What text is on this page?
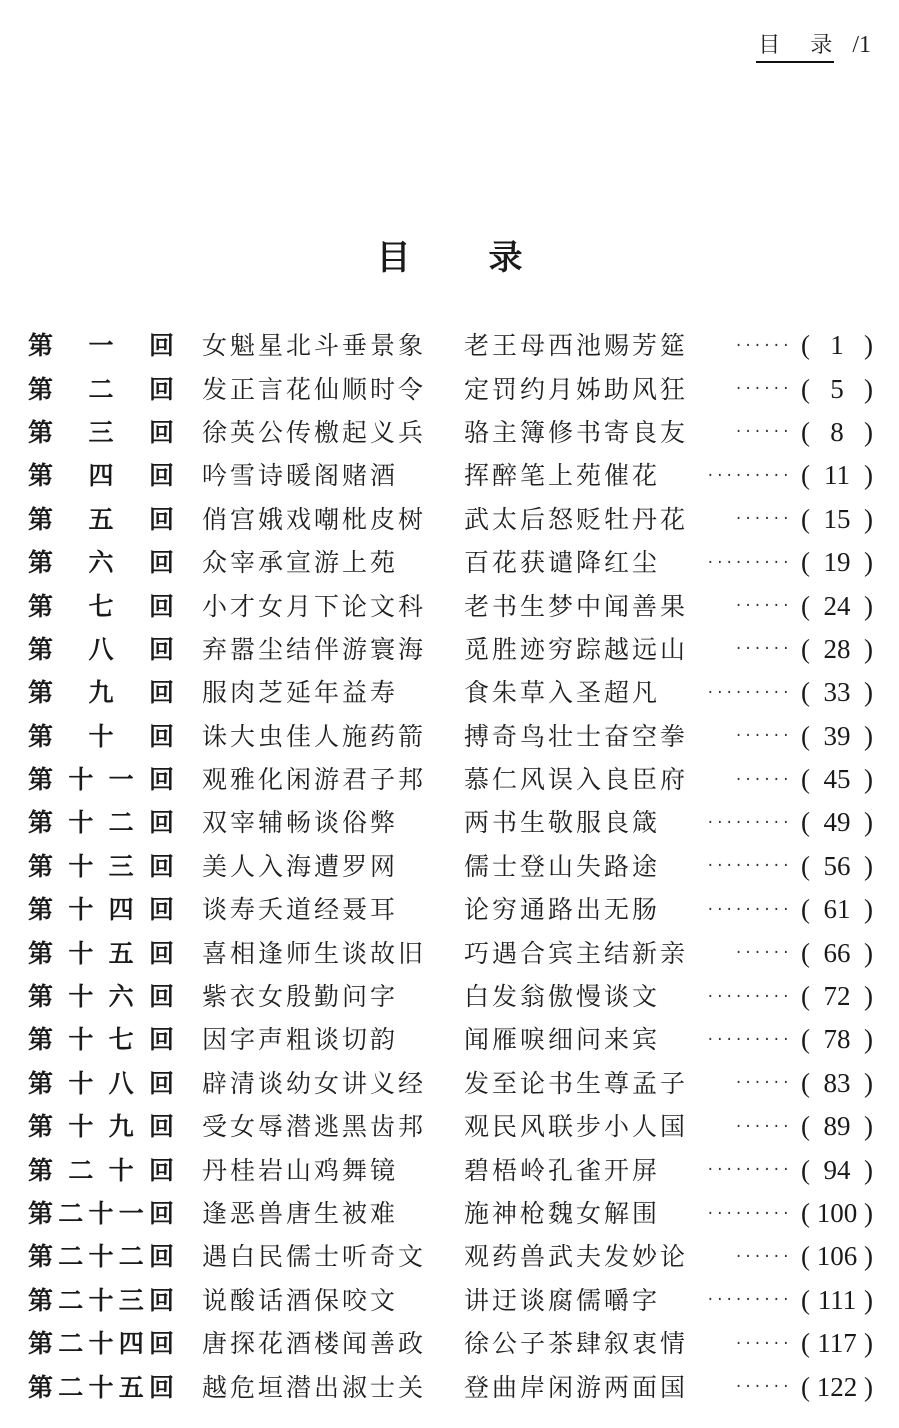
目录 /1
目 录
第 一 回 女魁星北斗垂景象	老王母西池赐芳筵	······ ( 1 )
第 二 回 发正言花仙顺时令	定罚约月姊助风狂	······ ( 5 )
第 三 回 徐英公传檄起义兵	骆主簿修书寄良友	······ ( 8 )
第 四 回 吟雪诗暖阁赌酒	挥醉笔上苑催花	········· ( 11 )
第 五 回 俏宫娥戏嘲枇皮树	武太后怒贬牡丹花	······ ( 15 )
第 六 回 众宰承宣游上苑	百花获谴降红尘	········· ( 19 )
第 七 回 小才女月下论文科	老书生梦中闻善果	······ ( 24 )
第 八 回 弃嚣尘结伴游寰海	觅胜迹穷踪越远山	······ ( 28 )
第 九 回 服肉芝延年益寿	食朱草入圣超凡	········· ( 33 )
第 十 回 诛大虫佳人施药箭	搏奇鸟壮士奋空拳	······ ( 39 )
第 十 一 回 观雅化闲游君子邦	慕仁风误入良臣府	······ ( 45 )
第 十 二 回 双宰辅畅谈俗弊	两书生敬服良箴	········· ( 49 )
第 十 三 回 美人入海遭罗网	儒士登山失路途	········· ( 56 )
第 十 四 回 谈寿夭道经聂耳	论穷通路出无肠	········· ( 61 )
第 十 五 回 喜相逢师生谈故旧	巧遇合宾主结新亲	······ ( 66 )
第 十 六 回 紫衣女殷勤问字	白发翁傲慢谈文	········· ( 72 )
第 十 七 回 因字声粗谈切韵	闻雁唳细问来宾	········· ( 78 )
第 十 八 回 辟清谈幼女讲义经	发至论书生尊孟子	······ ( 83 )
第 十 九 回 受女辱潜逃黑齿邦	观民风联步小人国	······ ( 89 )
第 二 十 回 丹桂岩山鸡舞镜	碧梧岭孔雀开屏	········· ( 94 )
第 二 十 一 回 逢恶兽唐生被难	施神枪魏女解围	········· ( 100 )
第 二 十 二 回 遇白民儒士听奇文	观药兽武夫发妙论	······ ( 106 )
第 二 十 三 回 说酸话酒保咬文	讲迂谈腐儒嚼字	········· ( 111 )
第 二 十 四 回 唐探花酒楼闻善政	徐公子茶肆叙衷情	······ ( 117 )
第 二 十 五 回 越危垣潜出淑士关	登曲岸闲游两面国	······ ( 122 )
